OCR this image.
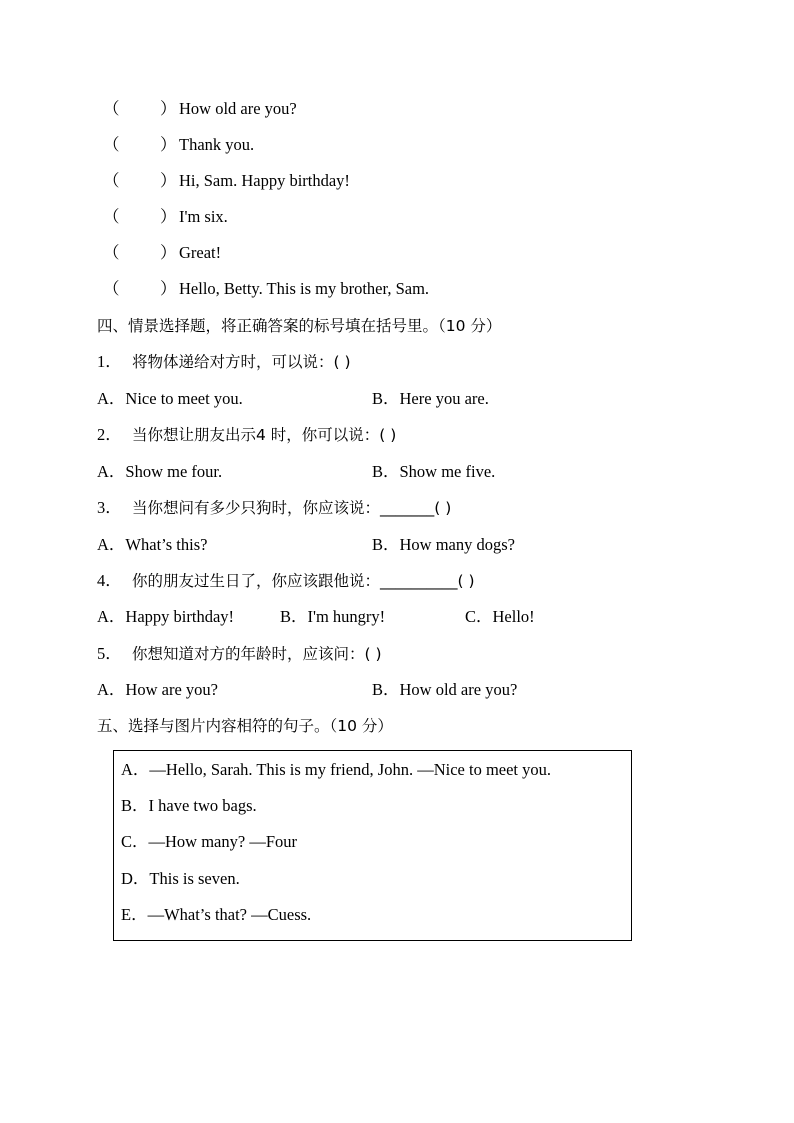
（ ） How old are you?
（ ） Thank you.
（ ） Hi, Sam. Happy birthday!
（ ） I'm six.
（ ） Great!
（ ） Hello, Betty. This is my brother, Sam.
四、情景选择题，将正确答案的标号填在括号里。（10 分）
1． 将物体递给对方时，可以说：( )
A．Nice to meet you.	B．Here you are.
2． 当你想让朋友出示4 时，你可以说：( )
A．Show me four.	B．Show me five.
3． 当你想问有多少只狗时，你应该说：_______( )
A．What’s this?	B．How many dogs?
4． 你的朋友过生日了，你应该跟他说：__________( )
A．Happy birthday!	B．I'm hungry!	C．Hello!
5． 你想知道对方的年龄时，应该问：( )
A．How are you?	B．How old are you?
五、选择与图片内容相符的句子。（10 分）
A．—Hello, Sarah. This is my friend, John. —Nice to meet you.
B．I have two bags.
C．—How many? —Four
D．This is seven.
E．—What’s that? —Cuess.
